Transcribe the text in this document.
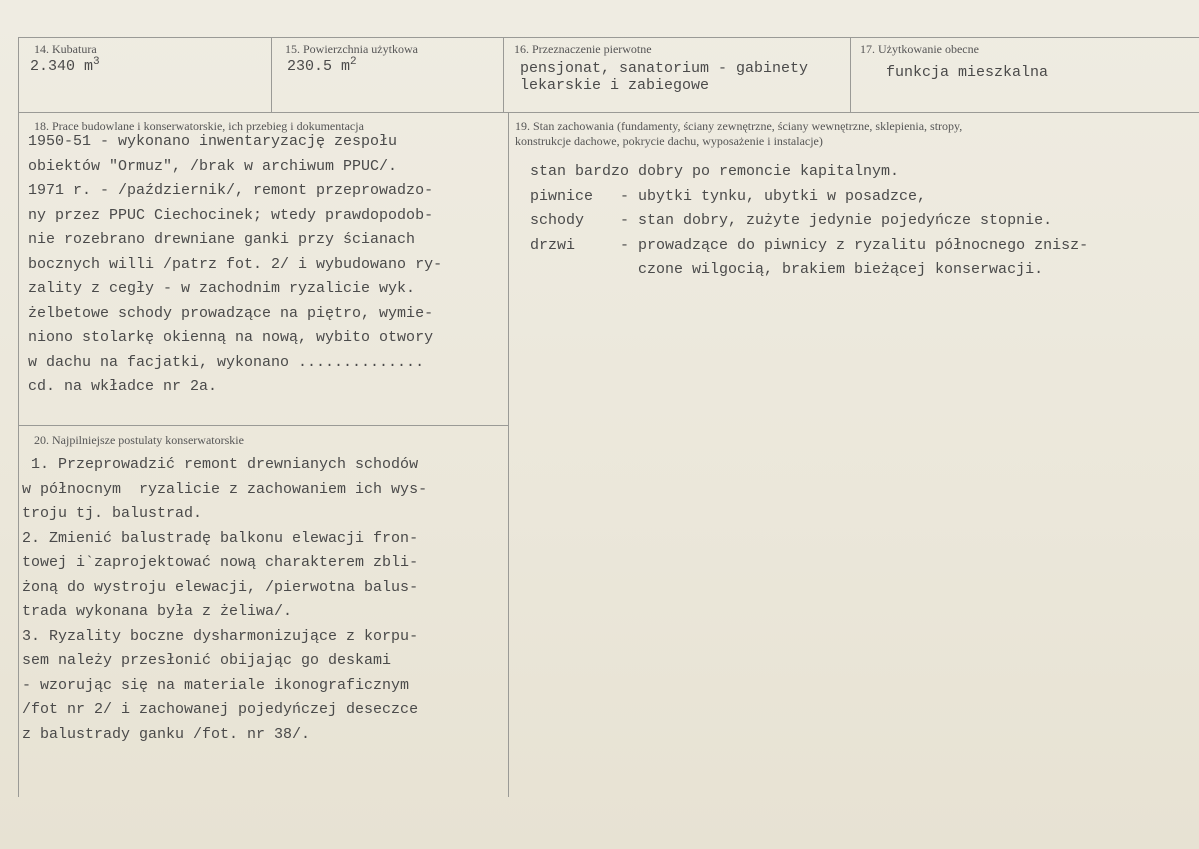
14. Kubatura
2.340 $m^3$
15. Powierzchnia użytkowa
230.5 $m^2$
16. Przeznaczenie pierwotne
pensjonat, sanatorium - gabinety
lekarskie i zabiegowe
17. Użytkowanie obecne
funkcja mieszkalna
18. Prace budowlane i konserwatorskie, ich przebieg i dokumentacja
1950-51 - wykonano inwentaryzację zespołu
obiektów "Ormuz", /brak w archiwum PPUC/.
1971 r. - /październik/, remont przeprowadzo-
ny przez PPUC Ciechocinek; wtedy prawdopodob-
nie rozebrano drewniane ganki przy ścianach
bocznych willi /patrz fot. 2/ i wybudowano ry-
zality z cegły - w zachodnim ryzalicie wyk.
żelbetowe schody prowadzące na piętro, wymie-
niono stolarkę okienną na nową, wybito otwory
w dachu na facjatki, wykonano ..............
cd. na wkładce nr 2a.
19. Stan zachowania (fundamenty, ściany zewnętrzne, ściany wewnętrzne, sklepienia, stropy,
konstrukcje dachowe, pokrycie dachu, wyposażenie i instalacje)
stan bardzo dobry po remoncie kapitalnym.
piwnice	- ubytki tynku, ubytki w posadzce,
schody	- stan dobry, zużyte jedynie pojedyńcze stopnie.
drzwi	- prowadzące do piwnicy z ryzalitu północnego znisz-
czone wilgocią, brakiem bieżącej konserwacji.
20. Najpilniejsze postulaty konserwatorskie
1. Przeprowadzić remont drewnianych schodów
w północnym  ryzalicie z zachowaniem ich wys-
troju tj. balustrad.
2. Zmienić balustradę balkonu elewacji fron-
towej i`zaprojektować nową charakterem zbli-
żoną do wystroju elewacji, /pierwotna balus-
trada wykonana była z żeliwa/.
3. Ryzality boczne dysharmonizujące z korpu-
sem należy przesłonić obijając go deskami
- wzorując się na materiale ikonograficznym
/fot nr 2/ i zachowanej pojedyńczej deseczce
z balustrady ganku /fot. nr 38/.
